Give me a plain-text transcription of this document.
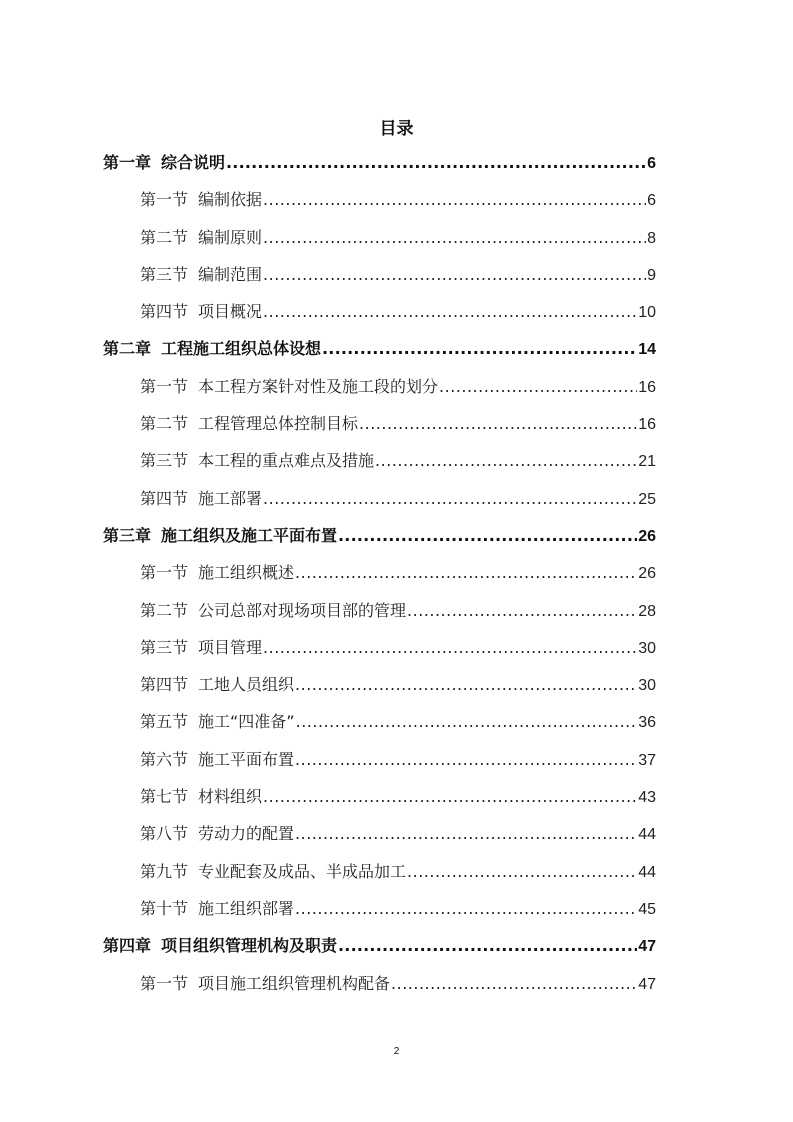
目录
第一章 综合说明 .....	6
第一节 编制依据 .....	6
第二节 编制原则 .....	8
第三节 编制范围 .....	9
第四节 项目概况 .....	10
第二章 工程施工组织总体设想 .....	14
第一节 本工程方案针对性及施工段的划分 .....	16
第二节 工程管理总体控制目标 .....	16
第三节 本工程的重点难点及措施 .....	21
第四节 施工部署 .....	25
第三章 施工组织及施工平面布置 .....	26
第一节 施工组织概述 .....	26
第二节 公司总部对现场项目部的管理 .....	28
第三节 项目管理 .....	30
第四节 工地人员组织 .....	30
第五节 施工“四准备” .....	36
第六节 施工平面布置 .....	37
第七节 材料组织 .....	43
第八节 劳动力的配置 .....	44
第九节 专业配套及成品、半成品加工 .....	44
第十节 施工组织部署 .....	45
第四章 项目组织管理机构及职责 .....	47
第一节 项目施工组织管理机构配备 .....	47
2
